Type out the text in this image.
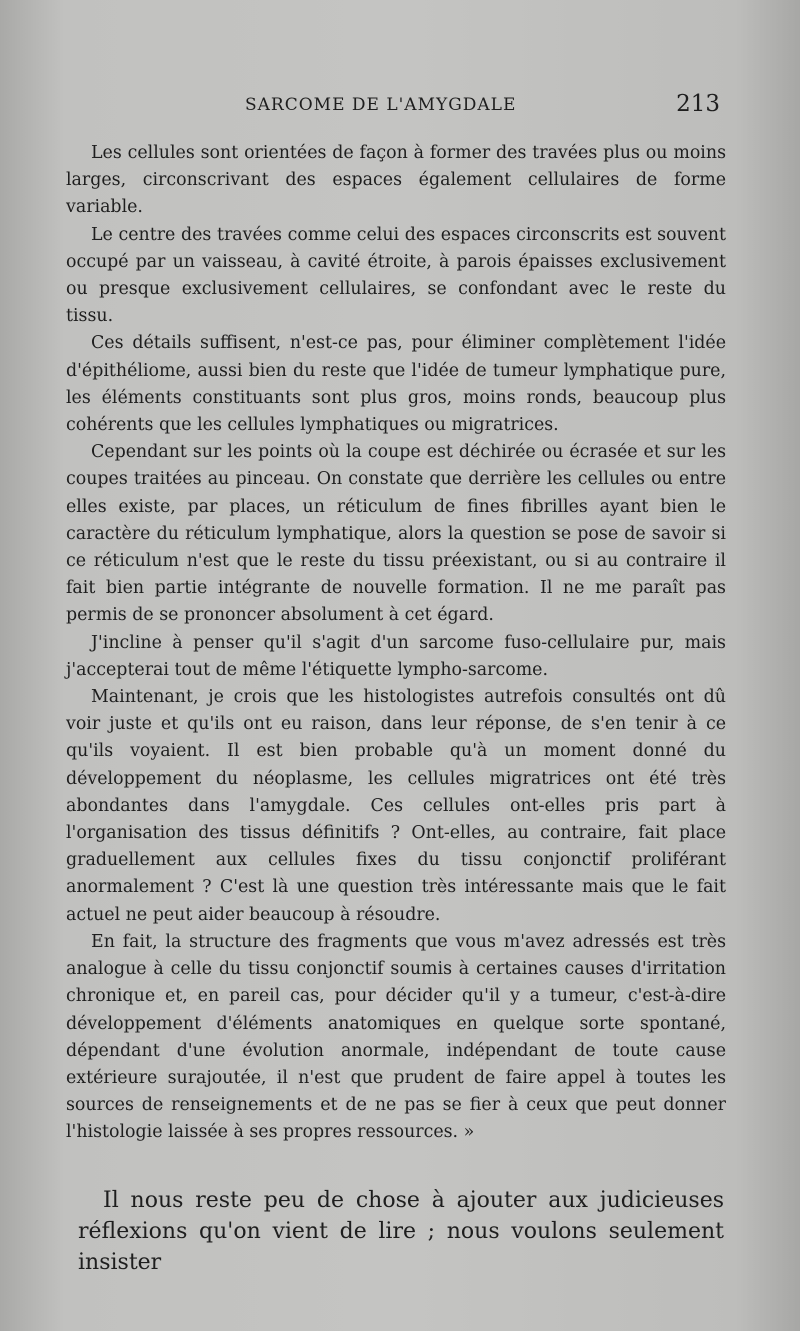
SARCOME DE L'AMYGDALE	213

Les cellules sont orientées de façon à former des travées plus ou moins larges, circonscrivant des espaces également cellulaires de forme variable.

Le centre des travées comme celui des espaces circonscrits est souvent occupé par un vaisseau, à cavité étroite, à parois épaisses exclusivement ou presque exclusivement cellulaires, se confondant avec le reste du tissu.

Ces détails suffisent, n'est-ce pas, pour éliminer complètement l'idée d'épithéliome, aussi bien du reste que l'idée de tumeur lymphatique pure, les éléments constituants sont plus gros, moins ronds, beaucoup plus cohérents que les cellules lymphatiques ou migratrices.

Cependant sur les points où la coupe est déchirée ou écrasée et sur les coupes traitées au pinceau. On constate que derrière les cellules ou entre elles existe, par places, un réticulum de fines fibrilles ayant bien le caractère du réticulum lymphatique, alors la question se pose de savoir si ce réticulum n'est que le reste du tissu préexistant, ou si au contraire il fait bien partie intégrante de nouvelle formation. Il ne me paraît pas permis de se prononcer absolument à cet égard.

J'incline à penser qu'il s'agit d'un sarcome fuso-cellulaire pur, mais j'accepterai tout de même l'étiquette lympho-sarcome.

Maintenant, je crois que les histologistes autrefois consultés ont dû voir juste et qu'ils ont eu raison, dans leur réponse, de s'en tenir à ce qu'ils voyaient. Il est bien probable qu'à un moment donné du développement du néoplasme, les cellules migratrices ont été très abondantes dans l'amygdale. Ces cellules ont-elles pris part à l'organisation des tissus définitifs ? Ont-elles, au contraire, fait place graduellement aux cellules fixes du tissu conjonctif proliférant anormalement ? C'est là une question très intéressante mais que le fait actuel ne peut aider beaucoup à résoudre.

En fait, la structure des fragments que vous m'avez adressés est très analogue à celle du tissu conjonctif soumis à certaines causes d'irritation chronique et, en pareil cas, pour décider qu'il y a tumeur, c'est-à-dire développement d'éléments anatomiques en quelque sorte spontané, dépendant d'une évolution anormale, indépendant de toute cause extérieure surajoutée, il n'est que prudent de faire appel à toutes les sources de renseignements et de ne pas se fier à ceux que peut donner l'histologie laissée à ses propres ressources. »

Il nous reste peu de chose à ajouter aux judicieuses réflexions qu'on vient de lire ; nous voulons seulement insister
